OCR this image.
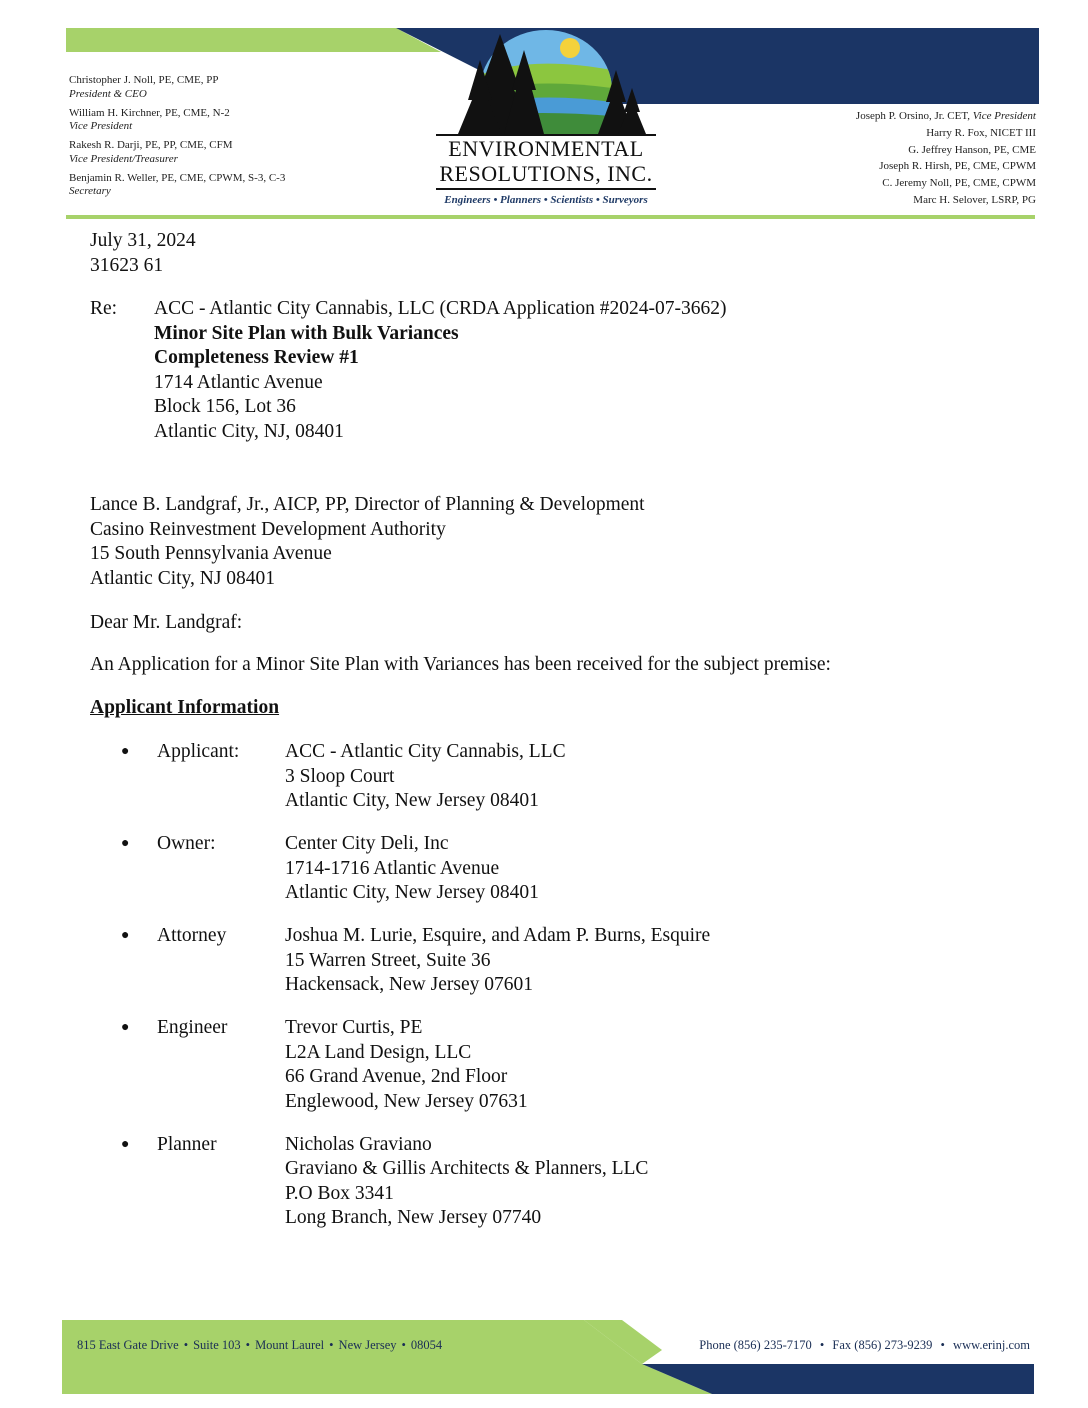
Christopher J. Noll, PE, CME, PP
President & CEO
William H. Kirchner, PE, CME, N-2
Vice President
Rakesh R. Darji, PE, PP, CME, CFM
Vice President/Treasurer
Benjamin R. Weller, PE, CME, CPWM, S-3, C-3
Secretary
Joseph P. Orsino, Jr. CET, Vice President
Harry R. Fox, NICET III
G. Jeffrey Hanson, PE, CME
Joseph R. Hirsh, PE, CME, CPWM
C. Jeremy Noll, PE, CME, CPWM
Marc H. Selover, LSRP, PG
ENVIRONMENTAL
RESOLUTIONS, INC.
Engineers • Planners • Scientists • Surveyors
July 31, 2024
31623 61
Re: ACC - Atlantic City Cannabis, LLC (CRDA Application #2024-07-3662)
Minor Site Plan with Bulk Variances
Completeness Review #1
1714 Atlantic Avenue
Block 156, Lot 36
Atlantic City, NJ, 08401
Lance B. Landgraf, Jr., AICP, PP, Director of Planning & Development
Casino Reinvestment Development Authority
15 South Pennsylvania Avenue
Atlantic City, NJ 08401
Dear Mr. Landgraf:
An Application for a Minor Site Plan with Variances has been received for the subject premise:
Applicant Information
●	Applicant:	ACC - Atlantic City Cannabis, LLC
3 Sloop Court
Atlantic City, New Jersey 08401
●	Owner:	Center City Deli, Inc
1714-1716 Atlantic Avenue
Atlantic City, New Jersey 08401
●	Attorney	Joshua M. Lurie, Esquire, and Adam P. Burns, Esquire
15 Warren Street, Suite 36
Hackensack, New Jersey 07601
●	Engineer	Trevor Curtis, PE
L2A Land Design, LLC
66 Grand Avenue, 2nd Floor
Englewood, New Jersey 07631
●	Planner	Nicholas Graviano
Graviano & Gillis Architects & Planners, LLC
P.O Box 3341
Long Branch, New Jersey 07740
815 East Gate Drive • Suite 103 • Mount Laurel • New Jersey • 08054	Phone (856) 235-7170 • Fax (856) 273-9239 • www.erinj.com
